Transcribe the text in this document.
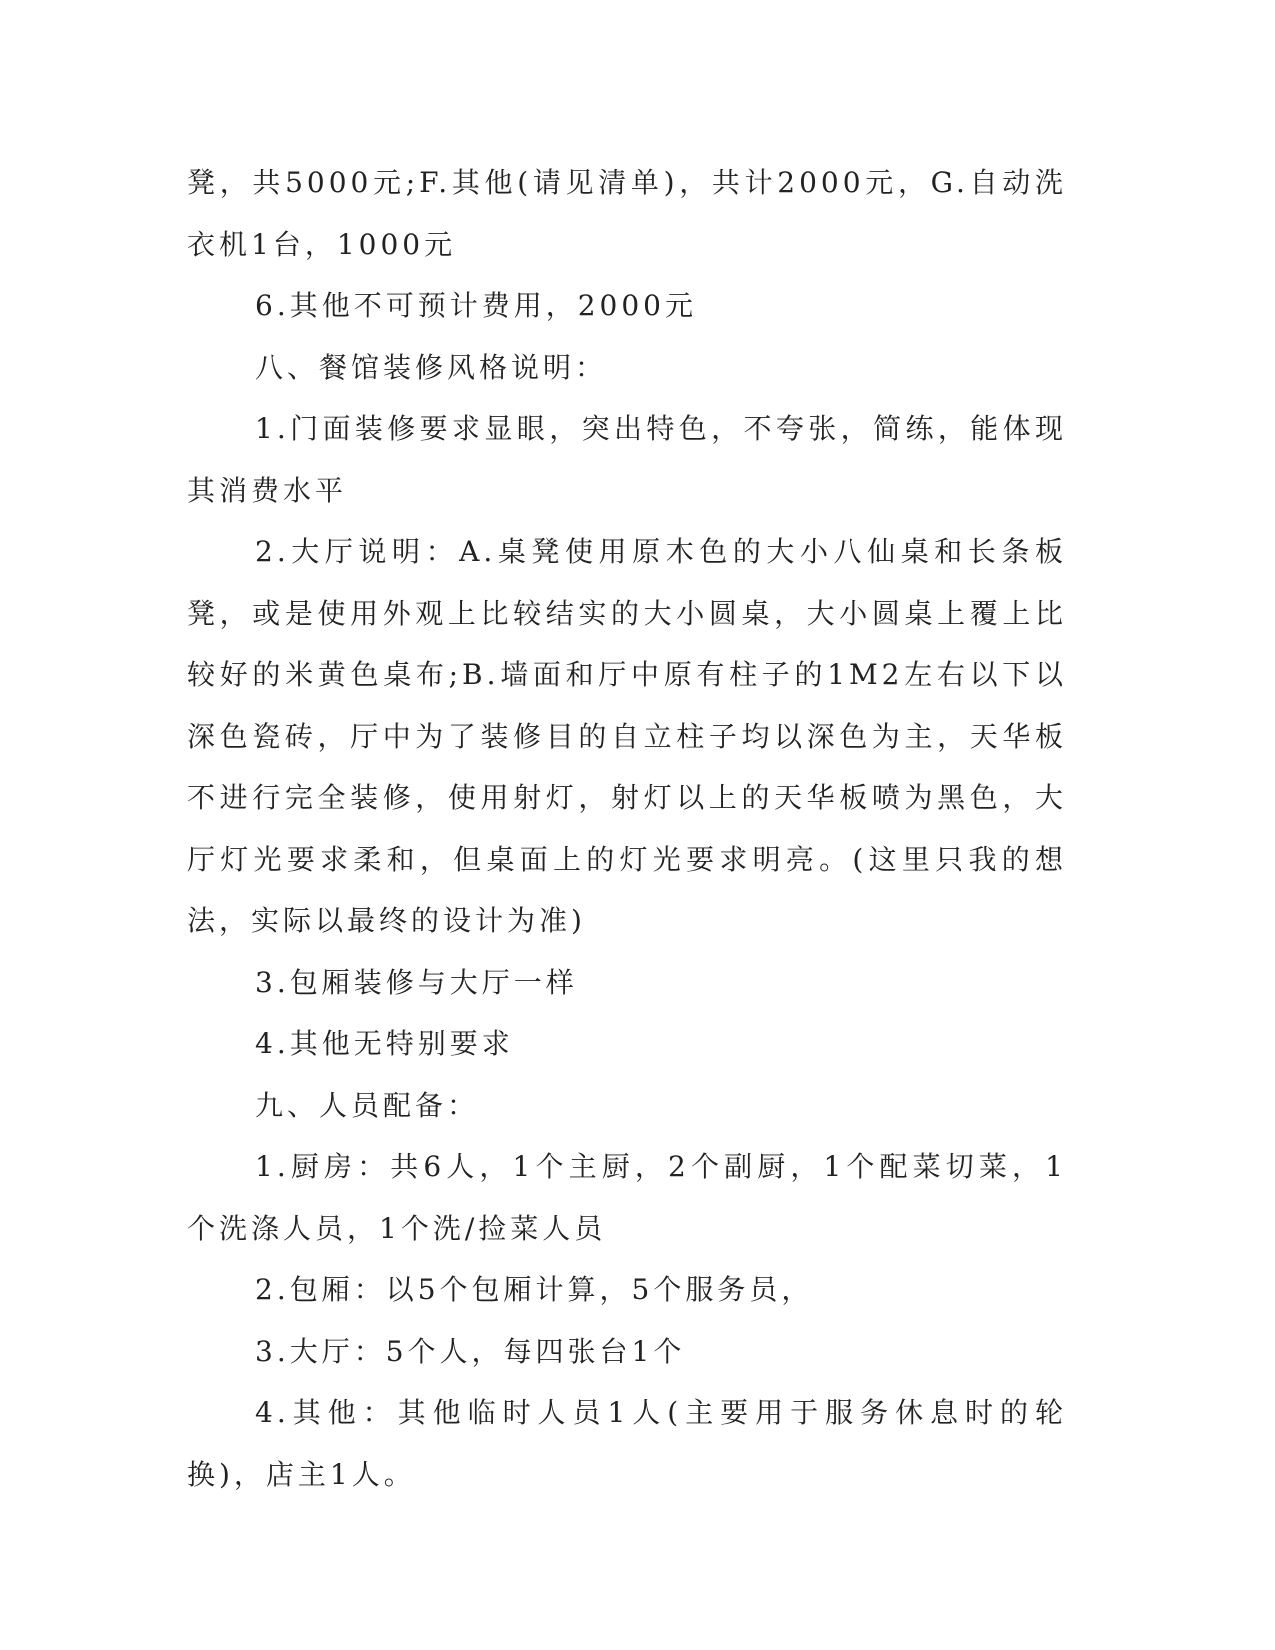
凳，共5000元;F.其他(请见清单)，共计2000元，G.自动洗衣机1台，1000元

6.其他不可预计费用，2000元

八、餐馆装修风格说明：

1.门面装修要求显眼，突出特色，不夸张，简练，能体现其消费水平

2.大厅说明：A.桌凳使用原木色的大小八仙桌和长条板凳，或是使用外观上比较结实的大小圆桌，大小圆桌上覆上比较好的米黄色桌布;B.墙面和厅中原有柱子的1M2左右以下以深色瓷砖，厅中为了装修目的自立柱子均以深色为主，天华板不进行完全装修，使用射灯，射灯以上的天华板喷为黑色，大厅灯光要求柔和，但桌面上的灯光要求明亮。(这里只我的想法，实际以最终的设计为准)

3.包厢装修与大厅一样

4.其他无特别要求

九、人员配备：

1.厨房：共6人，1个主厨，2个副厨，1个配菜切菜，1个洗涤人员，1个洗/捡菜人员

2.包厢：以5个包厢计算，5个服务员，

3.大厅：5个人，每四张台1个

4.其他：其他临时人员1人(主要用于服务休息时的轮换)，店主1人。
